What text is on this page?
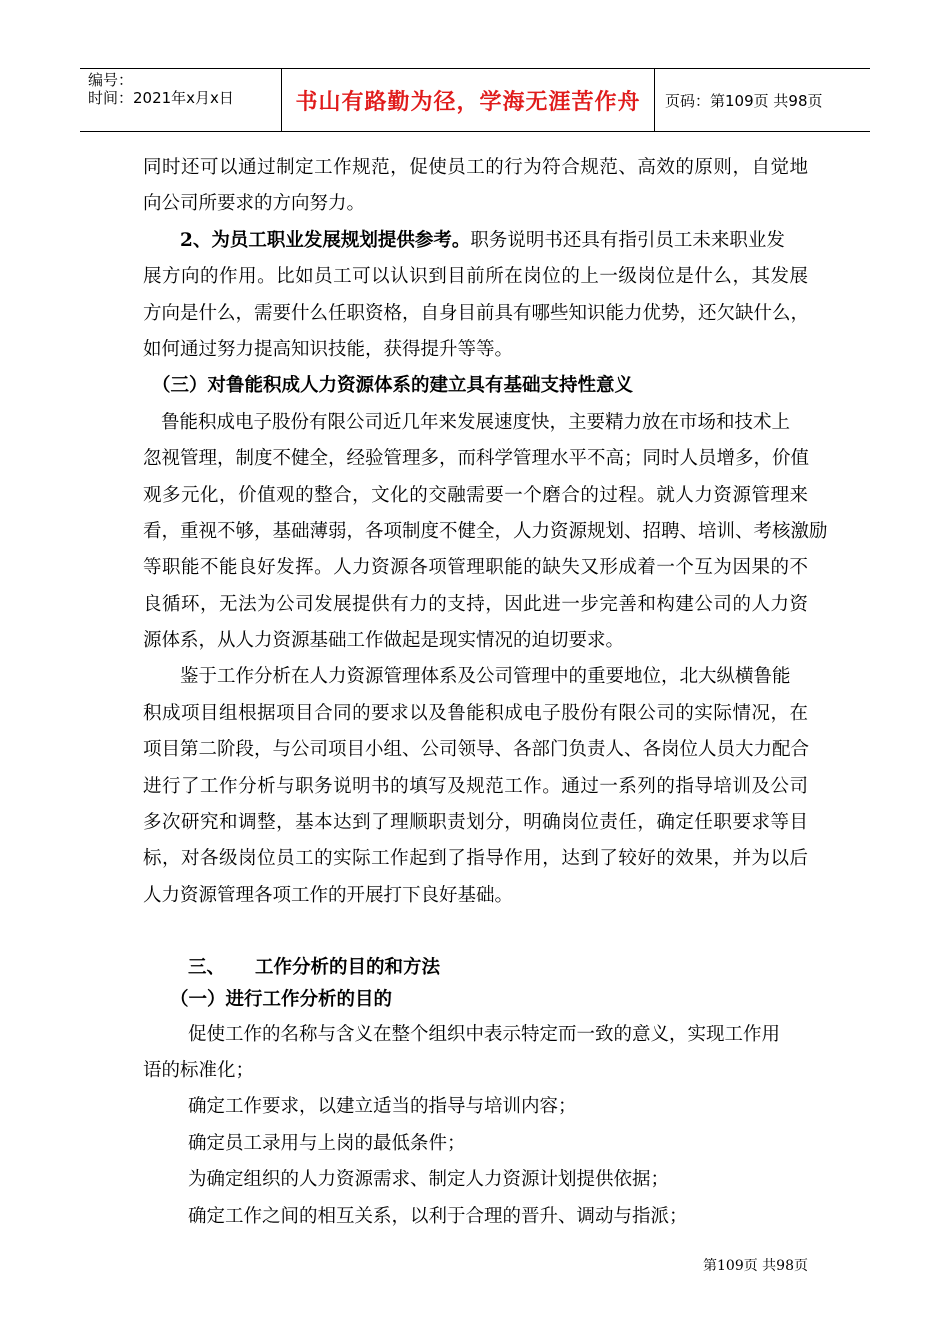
编号：
时间：2021年x月x日	书山有路勤为径，学海无涯苦作舟	页码：第109页 共98页
同时还可以通过制定工作规范，促使员工的行为符合规范、高效的原则，自觉地
向公司所要求的方向努力。
2、为员工职业发展规划提供参考。职务说明书还具有指引员工未来职业发
展方向的作用。比如员工可以认识到目前所在岗位的上一级岗位是什么，其发展
方向是什么，需要什么任职资格，自身目前具有哪些知识能力优势，还欠缺什么，
如何通过努力提高知识技能，获得提升等等。
（三）对鲁能积成人力资源体系的建立具有基础支持性意义
鲁能积成电子股份有限公司近几年来发展速度快，主要精力放在市场和技术上
忽视管理，制度不健全，经验管理多，而科学管理水平不高；同时人员增多，价值
观多元化，价值观的整合，文化的交融需要一个磨合的过程。就人力资源管理来
看，重视不够，基础薄弱，各项制度不健全，人力资源规划、招聘、培训、考核激励
等职能不能良好发挥。人力资源各项管理职能的缺失又形成着一个互为因果的不
良循环，无法为公司发展提供有力的支持，因此进一步完善和构建公司的人力资
源体系，从人力资源基础工作做起是现实情况的迫切要求。
鉴于工作分析在人力资源管理体系及公司管理中的重要地位，北大纵横鲁能
积成项目组根据项目合同的要求以及鲁能积成电子股份有限公司的实际情况，在
项目第二阶段，与公司项目小组、公司领导、各部门负责人、各岗位人员大力配合
进行了工作分析与职务说明书的填写及规范工作。通过一系列的指导培训及公司
多次研究和调整，基本达到了理顺职责划分，明确岗位责任，确定任职要求等目
标，对各级岗位员工的实际工作起到了指导作用，达到了较好的效果，并为以后
人力资源管理各项工作的开展打下良好基础。
三、 工作分析的目的和方法
（一）进行工作分析的目的
促使工作的名称与含义在整个组织中表示特定而一致的意义，实现工作用
语的标准化；
确定工作要求，以建立适当的指导与培训内容；
确定员工录用与上岗的最低条件；
为确定组织的人力资源需求、制定人力资源计划提供依据；
确定工作之间的相互关系，以利于合理的晋升、调动与指派；
第109页 共98页
